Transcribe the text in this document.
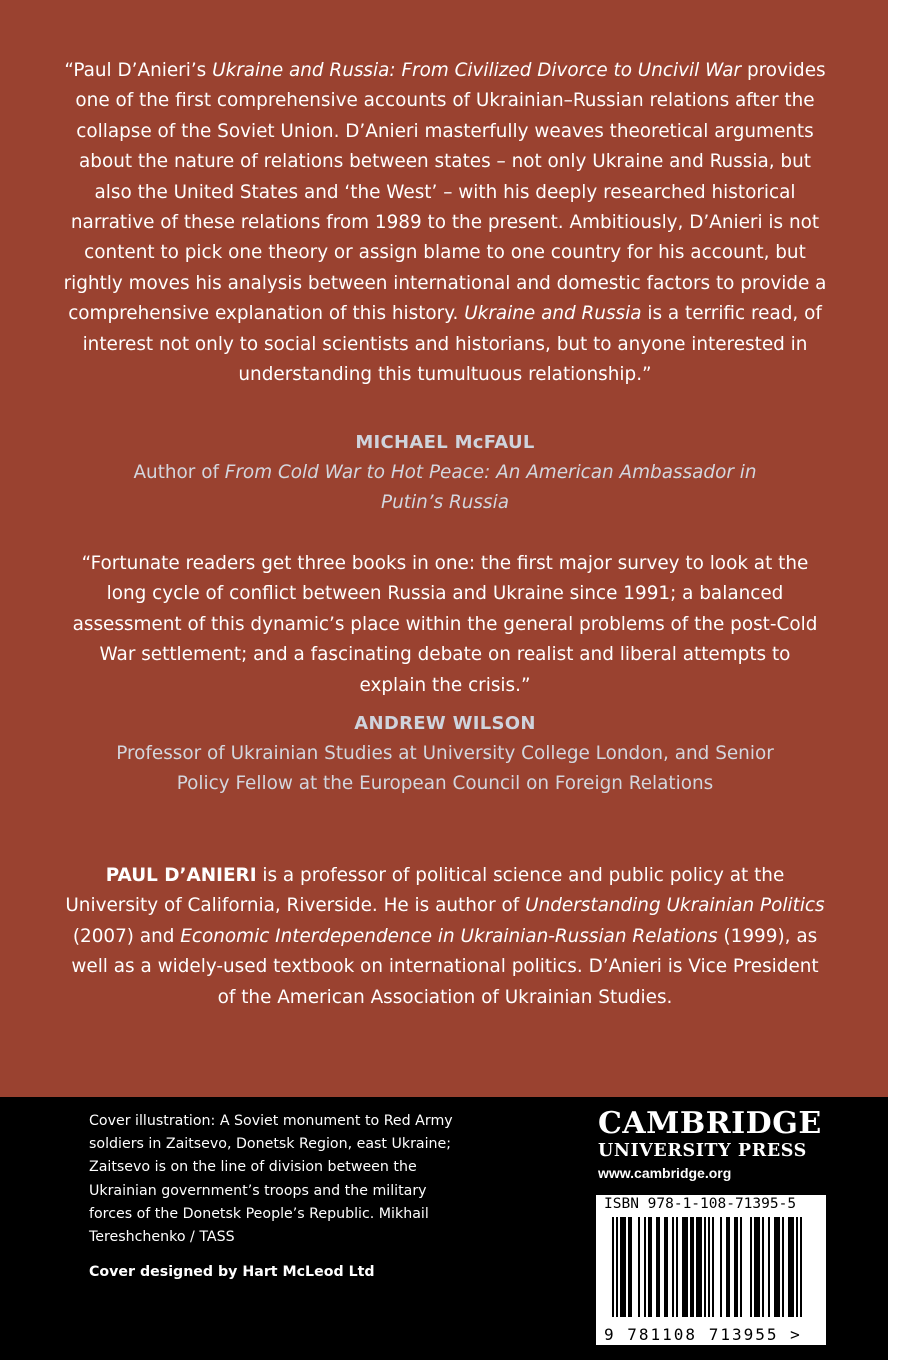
“Paul D’Anieri’s Ukraine and Russia: From Civilized Divorce to Uncivil War provides one of the first comprehensive accounts of Ukrainian–Russian relations after the collapse of the Soviet Union. D’Anieri masterfully weaves theoretical arguments about the nature of relations between states – not only Ukraine and Russia, but also the United States and ‘the West’ – with his deeply researched historical narrative of these relations from 1989 to the present. Ambitiously, D’Anieri is not content to pick one theory or assign blame to one country for his account, but rightly moves his analysis between international and domestic factors to provide a comprehensive explanation of this history. Ukraine and Russia is a terrific read, of interest not only to social scientists and historians, but to anyone interested in understanding this tumultuous relationship.”
MICHAEL McFAUL
Author of From Cold War to Hot Peace: An American Ambassador in Putin’s Russia
“Fortunate readers get three books in one: the first major survey to look at the long cycle of conflict between Russia and Ukraine since 1991; a balanced assessment of this dynamic’s place within the general problems of the post-Cold War settlement; and a fascinating debate on realist and liberal attempts to explain the crisis.”
ANDREW WILSON
Professor of Ukrainian Studies at University College London, and Senior Policy Fellow at the European Council on Foreign Relations
PAUL D’ANIERI is a professor of political science and public policy at the University of California, Riverside. He is author of Understanding Ukrainian Politics (2007) and Economic Interdependence in Ukrainian-Russian Relations (1999), as well as a widely-used textbook on international politics. D’Anieri is Vice President of the American Association of Ukrainian Studies.
Cover illustration: A Soviet monument to Red Army soldiers in Zaitsevo, Donetsk Region, east Ukraine; Zaitsevo is on the line of division between the Ukrainian government’s troops and the military forces of the Donetsk People’s Republic. Mikhail Tereshchenko / TASS
Cover designed by Hart McLeod Ltd
CAMBRIDGE
UNIVERSITY PRESS
www.cambridge.org
ISBN 978-1-108-71395-5
9 781108 713955 >
